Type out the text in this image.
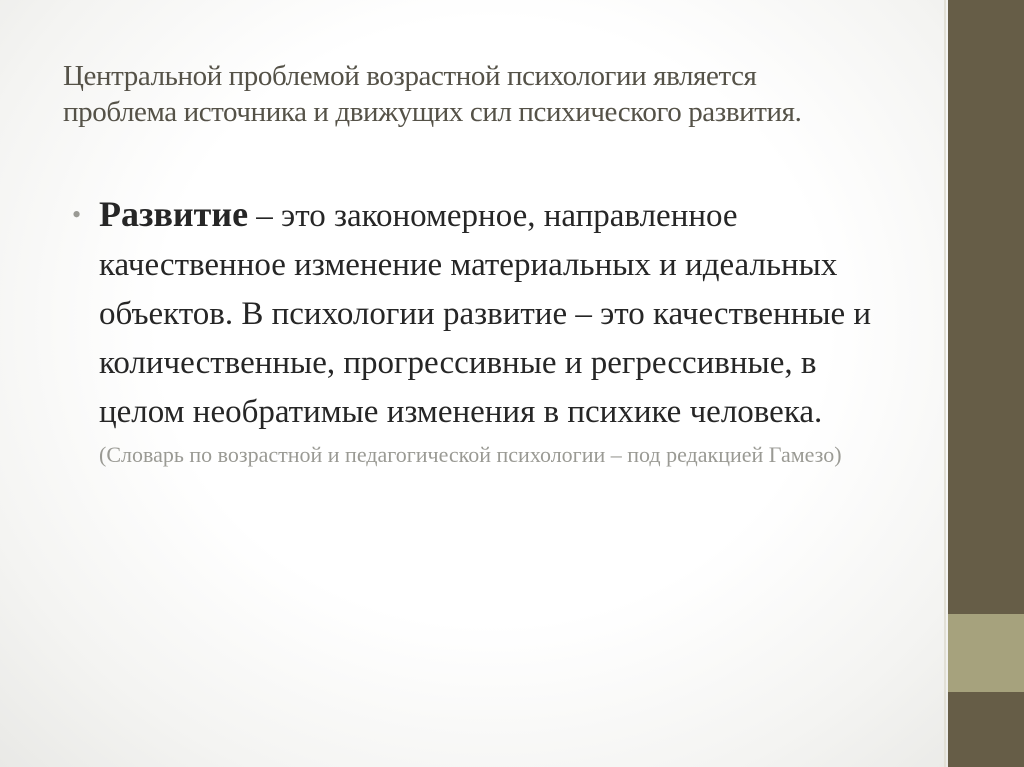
Центральной проблемой возрастной психологии является
проблема источника и движущих сил психического развития.
• Развитие – это закономерное, направленное качественное изменение материальных и идеальных объектов. В психологии развитие – это качественные и количественные, прогрессивные и регрессивные, в целом необратимые изменения в психике человека.
(Словарь по возрастной и педагогической психологии – под редакцией Гамезо)
